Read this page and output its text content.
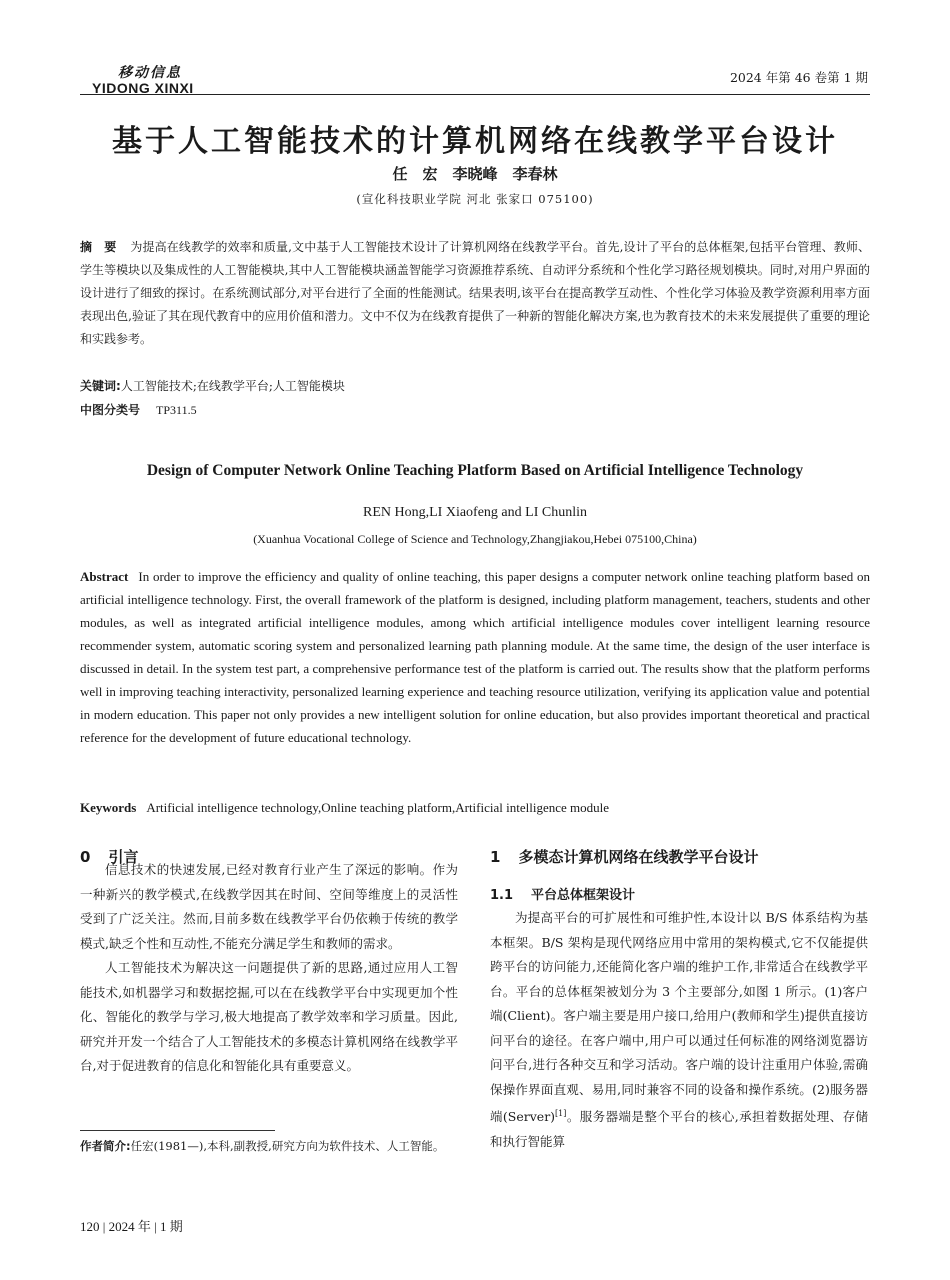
移动信息
YIDONG XINXI
2024 年第 46 卷第 1 期
基于人工智能技术的计算机网络在线教学平台设计
任　宏　李晓峰　李春林
(宣化科技职业学院 河北 张家口 075100)
摘　要 为提高在线教学的效率和质量,文中基于人工智能技术设计了计算机网络在线教学平台。首先,设计了平台的总体框架,包括平台管理、教师、学生等模块以及集成性的人工智能模块,其中人工智能模块涵盖智能学习资源推荐系统、自动评分系统和个性化学习路径规划模块。同时,对用户界面的设计进行了细致的探讨。在系统测试部分,对平台进行了全面的性能测试。结果表明,该平台在提高教学互动性、个性化学习体验及教学资源利用率方面表现出色,验证了其在现代教育中的应用价值和潜力。文中不仅为在线教育提供了一种新的智能化解决方案,也为教育技术的未来发展提供了重要的理论和实践参考。
关键词:人工智能技术;在线教学平台;人工智能模块
中图分类号 TP311.5
Design of Computer Network Online Teaching Platform Based on Artificial Intelligence Technology
REN Hong,LI Xiaofeng and LI Chunlin
(Xuanhua Vocational College of Science and Technology,Zhangjiakou,Hebei 075100,China)
Abstract In order to improve the efficiency and quality of online teaching, this paper designs a computer network online teaching platform based on artificial intelligence technology. First, the overall framework of the platform is designed, including platform management, teachers, students and other modules, as well as integrated artificial intelligence modules, among which artificial intelligence modules cover intelligent learning resource recommender system, automatic scoring system and personalized learning path planning module. At the same time, the design of the user interface is discussed in detail. In the system test part, a comprehensive performance test of the platform is carried out. The results show that the platform performs well in improving teaching interactivity, personalized learning experience and teaching resource utilization, verifying its application value and potential in modern education. This paper not only provides a new intelligent solution for online education, but also provides important theoretical and practical reference for the development of future educational technology.
Keywords Artificial intelligence technology,Online teaching platform,Artificial intelligence module
0 引言

信息技术的快速发展,已经对教育行业产生了深远的影响。作为一种新兴的教学模式,在线教学因其在时间、空间等维度上的灵活性受到了广泛关注。然而,目前多数在线教学平台仍依赖于传统的教学模式,缺乏个性和互动性,不能充分满足学生和教师的需求。

人工智能技术为解决这一问题提供了新的思路,通过应用人工智能技术,如机器学习和数据挖掘,可以在在线教学平台中实现更加个性化、智能化的教学与学习,极大地提高了教学效率和学习质量。因此,研究并开发一个结合了人工智能技术的多模态计算机网络在线教学平台,对于促进教育的信息化和智能化具有重要意义。

1 多模态计算机网络在线教学平台设计
1.1 平台总体框架设计

为提高平台的可扩展性和可维护性,本设计以 B/S 体系结构为基本框架。B/S 架构是现代网络应用中常用的架构模式,它不仅能提供跨平台的访问能力,还能简化客户端的维护工作,非常适合在线教学平台。平台的总体框架被划分为 3 个主要部分,如图 1 所示。(1)客户端(Client)。客户端主要是用户接口,给用户(教师和学生)提供直接访问平台的途径。在客户端中,用户可以通过任何标准的网络浏览器访问平台,进行各种交互和学习活动。客户端的设计注重用户体验,需确保操作界面直观、易用,同时兼容不同的设备和操作系统。(2)服务器端(Server)[1]。服务器端是整个平台的核心,承担着数据处理、存储和执行智能算

作者简介:任宏(1981—),本科,副教授,研究方向为软件技术、人工智能。
120 | 2024 年 | 1 期
